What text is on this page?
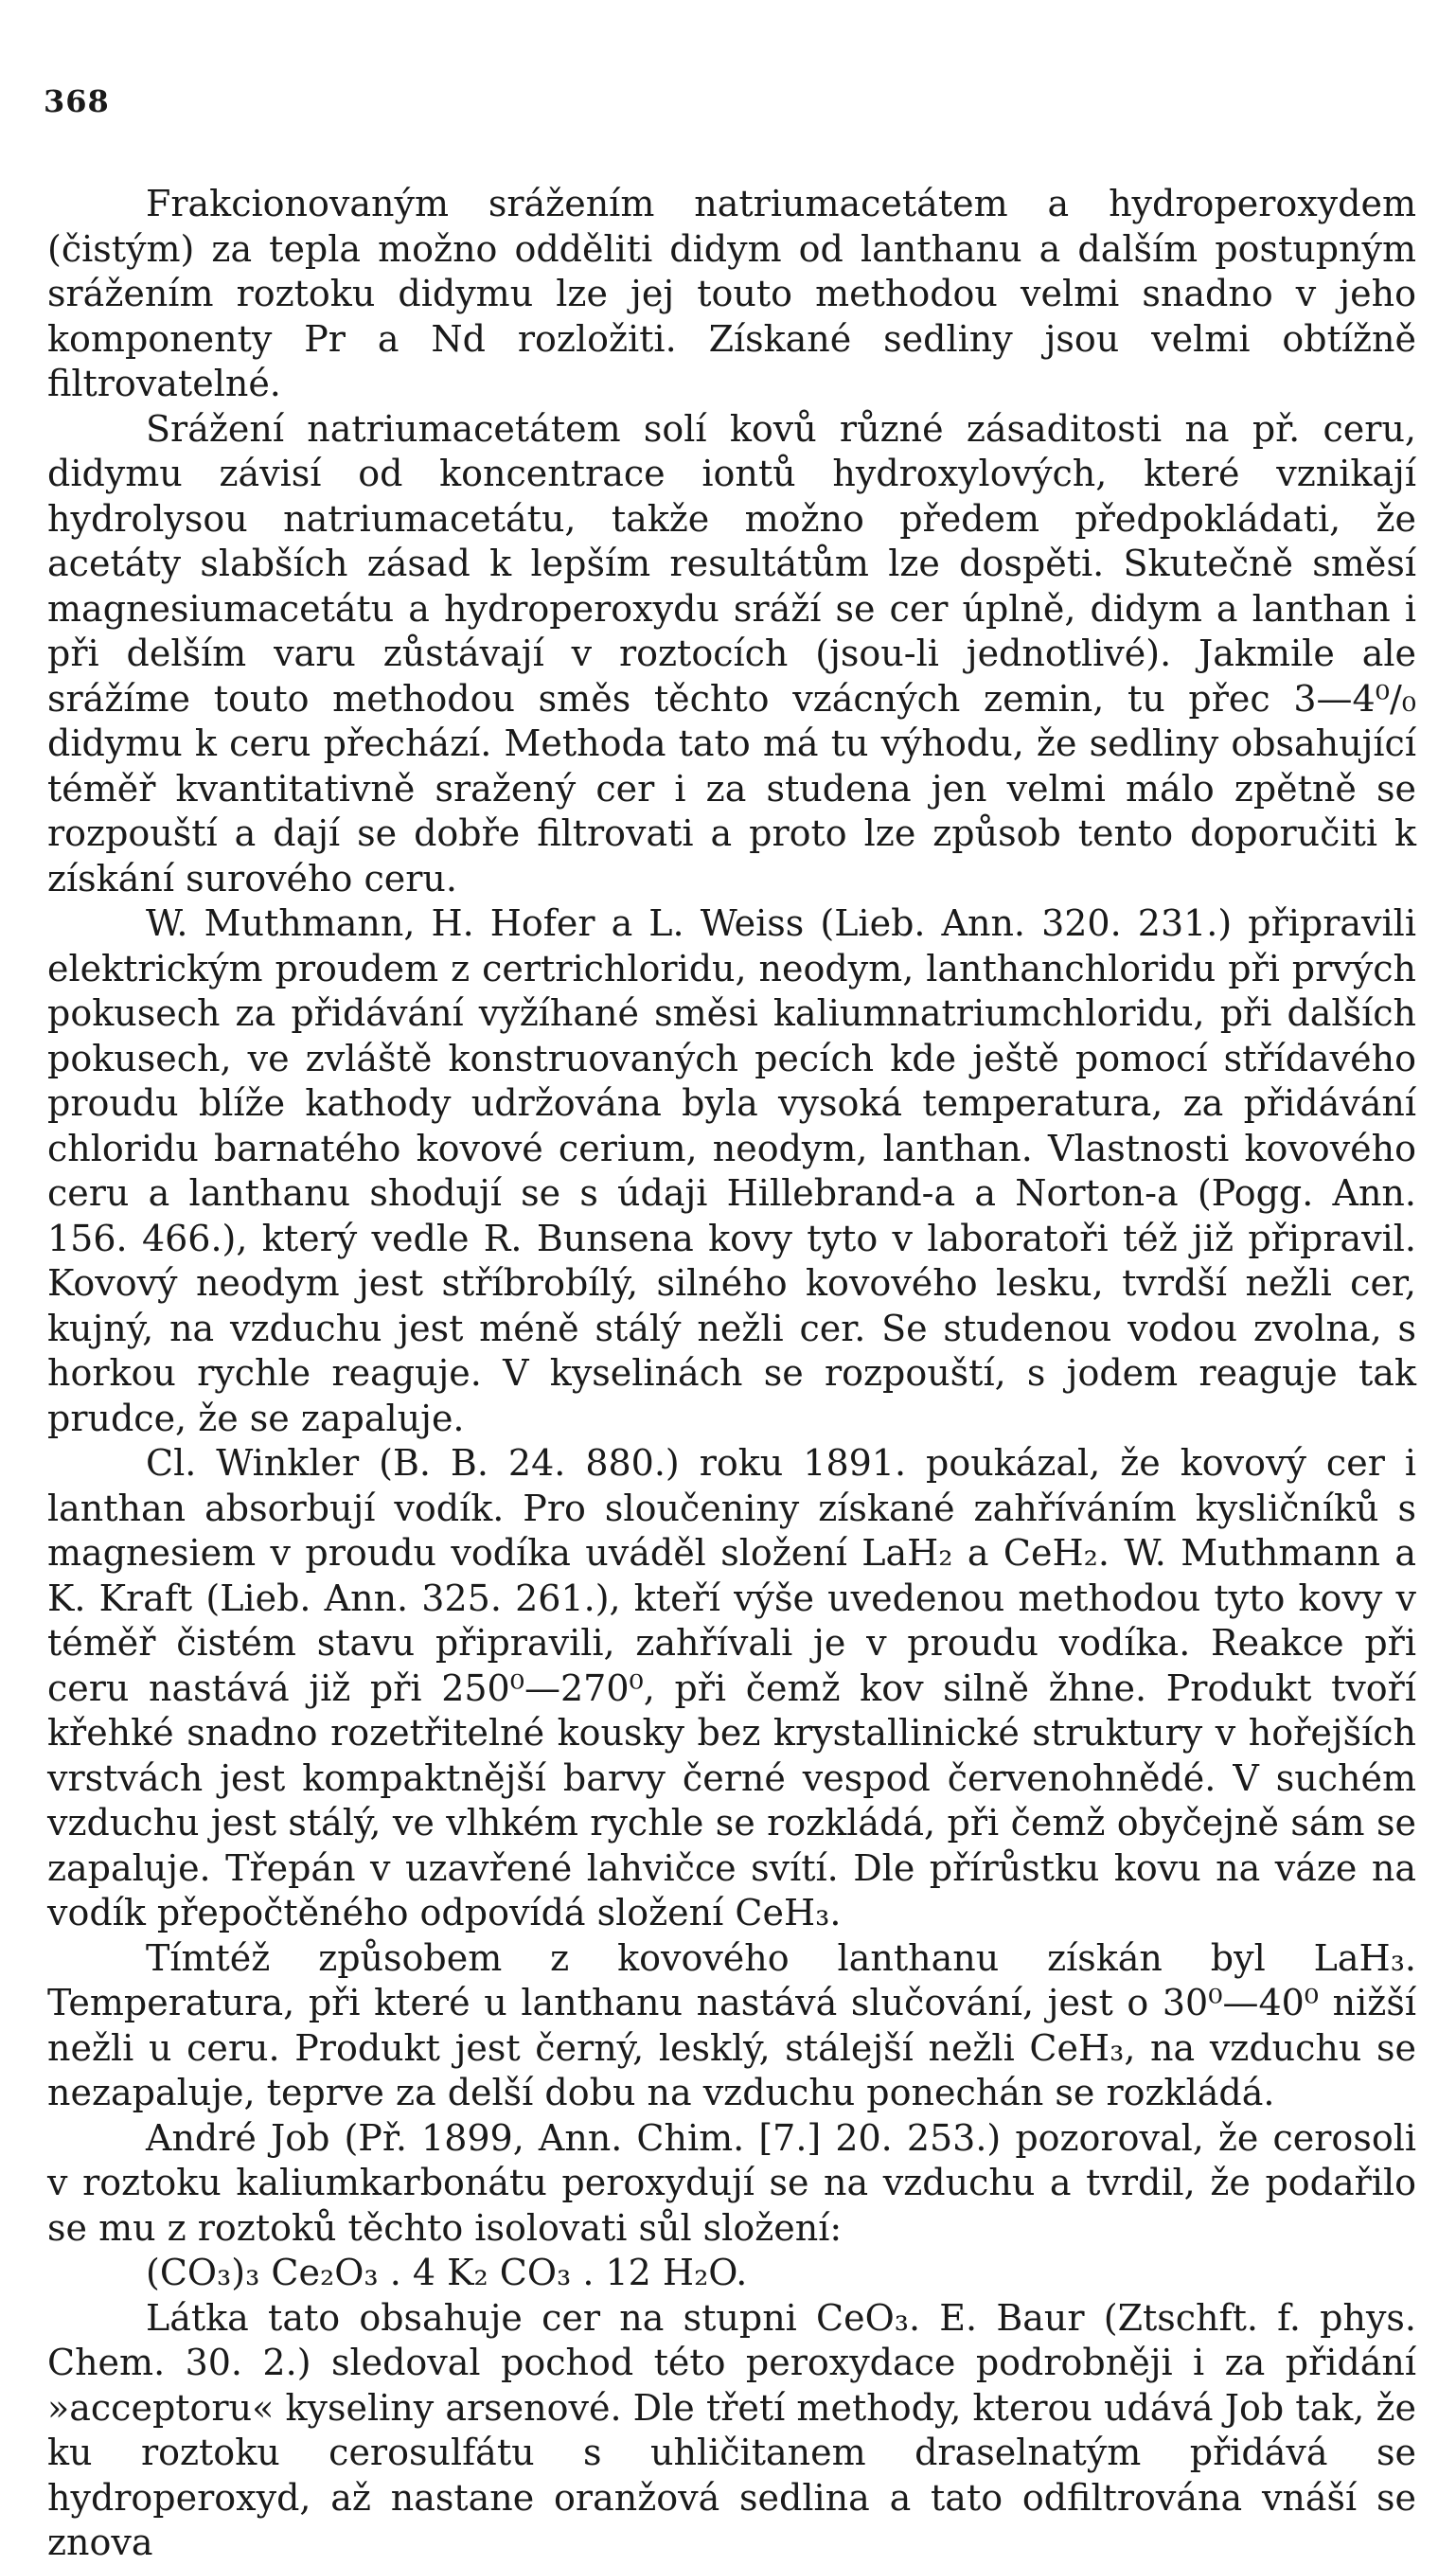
368

Frakcionovaným srážením natriumacetátem a hydroperoxydem (čistým) za tepla možno odděliti didym od lanthanu a dalším postupným srážením roztoku didymu lze jej touto methodou velmi snadno v jeho komponenty Pr a Nd rozložiti. Získané sedliny jsou velmi obtížně filtrovatelné.

Srážení natriumacetátem solí kovů různé zásaditosti na př. ceru, didymu závisí od koncentrace iontů hydroxylových, které vznikají hydrolysou natriumacetátu, takže možno předem předpokládati, že acetáty slabších zásad k lepším resultátům lze dospěti. Skutečně směsí magnesiumacetátu a hydroperoxydu sráží se cer úplně, didym a lanthan i při delším varu zůstávají v roztocích (jsou-li jednotlivé). Jakmile ale srážíme touto methodou směs těchto vzácných zemin, tu přec 3—4⁰/₀ didymu k ceru přechází. Methoda tato má tu výhodu, že sedliny obsahující téměř kvantitativně sražený cer i za studena jen velmi málo zpětně se rozpouští a dají se dobře filtrovati a proto lze způsob tento doporučiti k získání surového ceru.

W. Muthmann, H. Hofer a L. Weiss (Lieb. Ann. 320. 231.) připravili elektrickým proudem z certrichloridu, neodym, lanthanchloridu při prvých pokusech za přidávání vyžíhané směsi kaliumnatriumchloridu, při dalších pokusech, ve zvláště konstruovaných pecích kde ještě pomocí střídavého proudu blíže kathody udržována byla vysoká temperatura, za přidávání chloridu barnatého kovové cerium, neodym, lanthan. Vlastnosti kovového ceru a lanthanu shodují se s údaji Hillebrand-a a Norton-a (Pogg. Ann. 156. 466.), který vedle R. Bunsena kovy tyto v laboratoři též již připravil. Kovový neodym jest stříbrobílý, silného kovového lesku, tvrdší nežli cer, kujný, na vzduchu jest méně stálý nežli cer. Se studenou vodou zvolna, s horkou rychle reaguje. V kyselinách se rozpouští, s jodem reaguje tak prudce, že se zapaluje.

Cl. Winkler (B. B. 24. 880.) roku 1891. poukázal, že kovový cer i lanthan absorbují vodík. Pro sloučeniny získané zahříváním kysličníků s magnesiem v proudu vodíka uváděl složení LaH₂ a CeH₂. W. Muthmann a K. Kraft (Lieb. Ann. 325. 261.), kteří výše uvedenou methodou tyto kovy v téměř čistém stavu připravili, zahřívali je v proudu vodíka. Reakce při ceru nastává již při 250⁰—270⁰, při čemž kov silně žhne. Produkt tvoří křehké snadno rozetřitelné kousky bez krystallinické struktury v hořejších vrstvách jest kompaktnější barvy černé vespod červenohnědé. V suchém vzduchu jest stálý, ve vlhkém rychle se rozkládá, při čemž obyčejně sám se zapaluje. Třepán v uzavřené lahvičce svítí. Dle přírůstku kovu na váze na vodík přepočtěného odpovídá složení CeH₃.

Tímtéž způsobem z kovového lanthanu získán byl LaH₃. Temperatura, při které u lanthanu nastává slučování, jest o 30⁰—40⁰ nižší nežli u ceru. Produkt jest černý, lesklý, stálejší nežli CeH₃, na vzduchu se nezapaluje, teprve za delší dobu na vzduchu ponechán se rozkládá.

André Job (Př. 1899, Ann. Chim. [7.] 20. 253.) pozoroval, že cerosoli v roztoku kaliumkarbonátu peroxydují se na vzduchu a tvrdil, že podařilo se mu z roztoků těchto isolovati sůl složení:

(CO₃)₃ Ce₂O₃ . 4 K₂ CO₃ . 12 H₂O.

Látka tato obsahuje cer na stupni CeO₃. E. Baur (Ztschft. f. phys. Chem. 30. 2.) sledoval pochod této peroxydace podrobněji i za přidání »acceptoru« kyseliny arsenové. Dle třetí methody, kterou udává Job tak, že ku roztoku cerosulfátu s uhličitanem draselnatým přidává se hydroperoxyd, až nastane oranžová sedlina a tato odfiltrována vnáší se znova
